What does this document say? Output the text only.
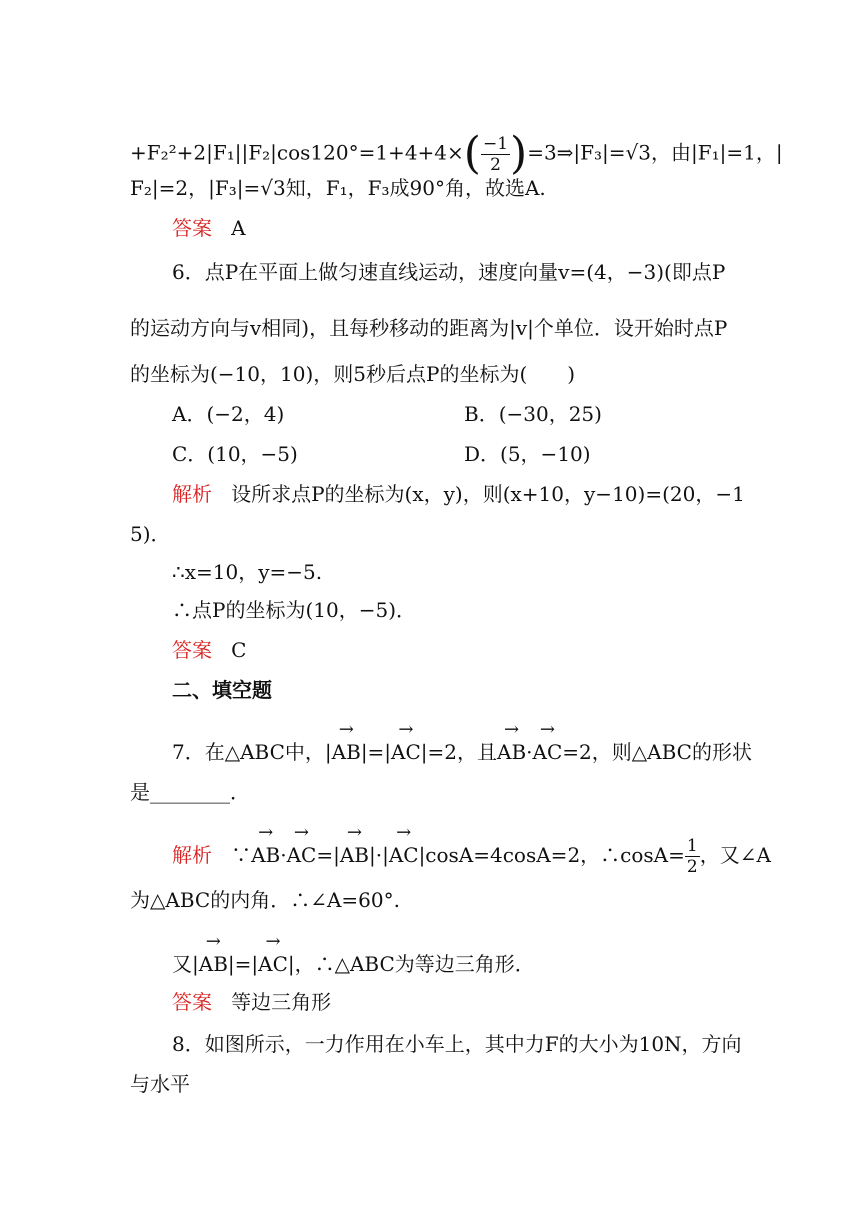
$+F_2^2+2|F_1||F_2|\cos 120^\circ=1+4+4\times( \frac{-1}{2}$ )=3⇒|F₃|=√3，由|F₁|=1，|
F₂|=2，|F₃|=√3知，F₁，F₃成90°角，故选A.
答案 A
6．点P在平面上做匀速直线运动，速度向量v=(4，−3)(即点P
的运动方向与v相同)，且每秒移动的距离为|v|个单位．设开始时点P
的坐标为(−10，10)，则5秒后点P的坐标为(　　)
A．(−2，4)	B．(−30，25)
C．(10，−5)	D．(5，−10)
解析 设所求点P的坐标为(x，y)，则(x+10，y−10)=(20，−1
5)．
∴x=10，y=−5.
∴点P的坐标为(10，−5)．
答案 C
二、填空题
7．在△ABC中，|→ AB|=|→ AC|=2，且→ AB·→ AC=2，则△ABC的形状
是________．
解析 ∵→ AB·→ AC=|→ AB|·|→ AC|cosA=4cosA=2，∴cosA= $\frac{1}{2}$ ，又∠A
为△ABC的内角．∴∠A=60°.
又|→ AB|=|→ AC|，∴△ABC为等边三角形．
答案 等边三角形
8．如图所示，一力作用在小车上，其中力F的大小为10N，方向
与水平
